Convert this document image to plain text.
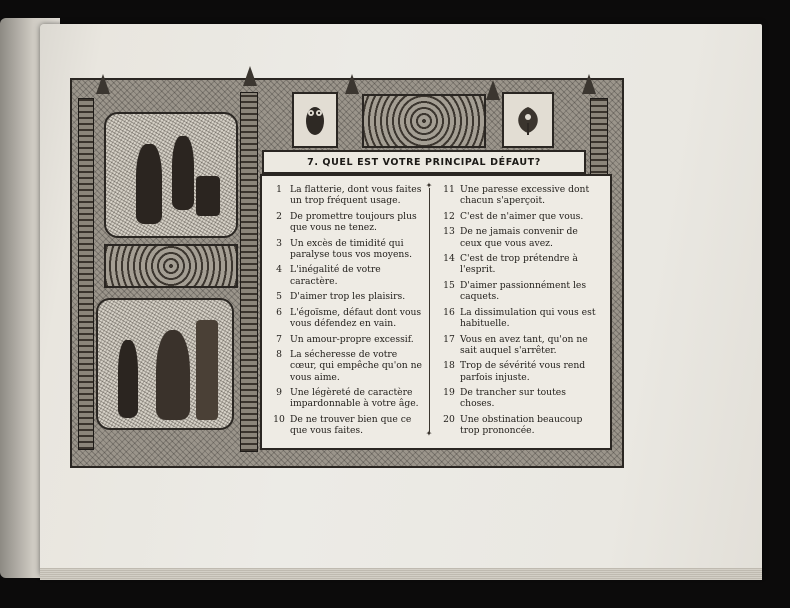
7. QUEL EST VOTRE PRINCIPAL DÉFAUT?
✦
✦
1 La flatterie, dont vous faites un trop fréquent usage.
2 De promettre toujours plus que vous ne tenez.
3 Un excès de timidité qui paralyse tous vos moyens.
4 L'inégalité de votre caractère.
5 D'aimer trop les plaisirs.
6 L'égoïsme, défaut dont vous vous défendez en vain.
7 Un amour-propre excessif.
8 La sécheresse de votre cœur, qui empêche qu'on ne vous aime.
9 Une légèreté de caractère impardonnable à votre âge.
10 De ne trouver bien que ce que vous faites.
11 Une paresse excessive dont chacun s'aperçoit.
12 C'est de n'aimer que vous.
13 De ne jamais convenir de ceux que vous avez.
14 C'est de trop prétendre à l'esprit.
15 D'aimer passionnément les caquets.
16 La dissimulation qui vous est habituelle.
17 Vous en avez tant, qu'on ne sait auquel s'arrêter.
18 Trop de sévérité vous rend parfois injuste.
19 De trancher sur toutes choses.
20 Une obstination beaucoup trop prononcée.
